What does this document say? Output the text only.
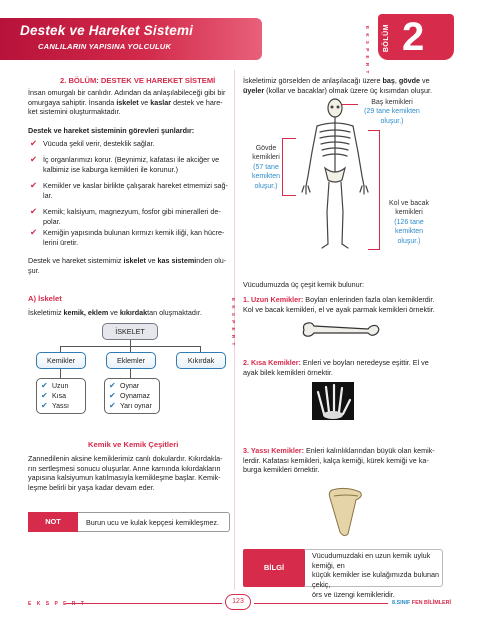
Destek ve Hareket Sistemi
CANLILARIN YAPISINA YOLCULUK	E K S P E R T BÖLÜM 2
E K S P E R T
2. BÖLÜM: DESTEK VE HAREKET SİSTEMİ
İnsan omurgalı bir canlıdır. Adından da anlaşılabileceği gibi bir
omurgaya sahiptir. İnsanda iskelet ve kaslar destek ve hare-
ket sistemini oluşturmaktadır.
Destek ve hareket sisteminin görevleri şunlardır:
✔ Vücuda şekil verir, desteklik sağlar.
✔ İç organlarımızı korur. (Beynimiz, kafatası ile akciğer ve
kalbimiz ise kaburga kemikleri ile korunur.)
✔ Kemikler ve kaslar birlikte çalışarak hareket etmemizi sağ-
lar.
✔ Kemik; kalsiyum, magnezyum, fosfor gibi mineralleri de-
polar.
✔ Kemiğin yapısında bulunan kırmızı kemik iliği, kan hücre-
lerini üretir.
Destek ve hareket sistemimiz iskelet ve kas sisteminden olu-
şur.
A) İskelet
İskeletimiz kemik, eklem ve kıkırdaktan oluşmaktadır.
İSKELET
Kemikler	Eklemler	Kıkırdak
✔ Uzun
✔ Kısa
✔ Yassı
✔ Oynar
✔ Oynamaz
✔ Yarı oynar
Kemik ve Kemik Çeşitleri
Zannedilenin aksine kemiklerimiz canlı dokulardır. Kıkırdakla-
rın sertleşmesi sonucu oluşurlar. Anne karnında kıkırdakların
yapısına kalsiyumun katılmasıyla kemikleşme başlar. Kemik-
leşme belirli bir yaşa kadar devam eder.
NOT	Burun ucu ve kulak kepçesi kemikleşmez.
İskeletimiz görselden de anlaşılacağı üzere baş, gövde ve
üyeler (kollar ve bacaklar) olmak üzere üç kısımdan oluşur.
Baş kemikleri
(29 tane kemikten
oluşur.)
Gövde
kemikleri
(57 tane
kemikten
oluşur.)
Kol ve bacak
kemikleri
(126 tane
kemikten
oluşur.)
Vücudumuzda üç çeşit kemik bulunur:
1. Uzun Kemikler: Boyları enlerinden fazla olan kemiklerdir.
Kol ve bacak kemikleri, el ve ayak parmak kemikleri örnektir.
2. Kısa Kemikler: Enleri ve boyları neredeyse eşittir. El ve
ayak bilek kemikleri örnektir.
3. Yassı Kemikler: Enleri kalınlıklarından büyük olan kemik-
lerdir. Kafatası kemikleri, kalça kemiği, kürek kemiği ve ka-
burga kemikleri örnektir.
BİLGİ
Vücudumuzdaki en uzun kemik uyluk kemiği, en
küçük kemikler ise kulağımızda bulunan çekiç,
örs ve üzengi kemikleridir.
E K S P E R T	123	8.SINIF FEN BİLİMLERİ
